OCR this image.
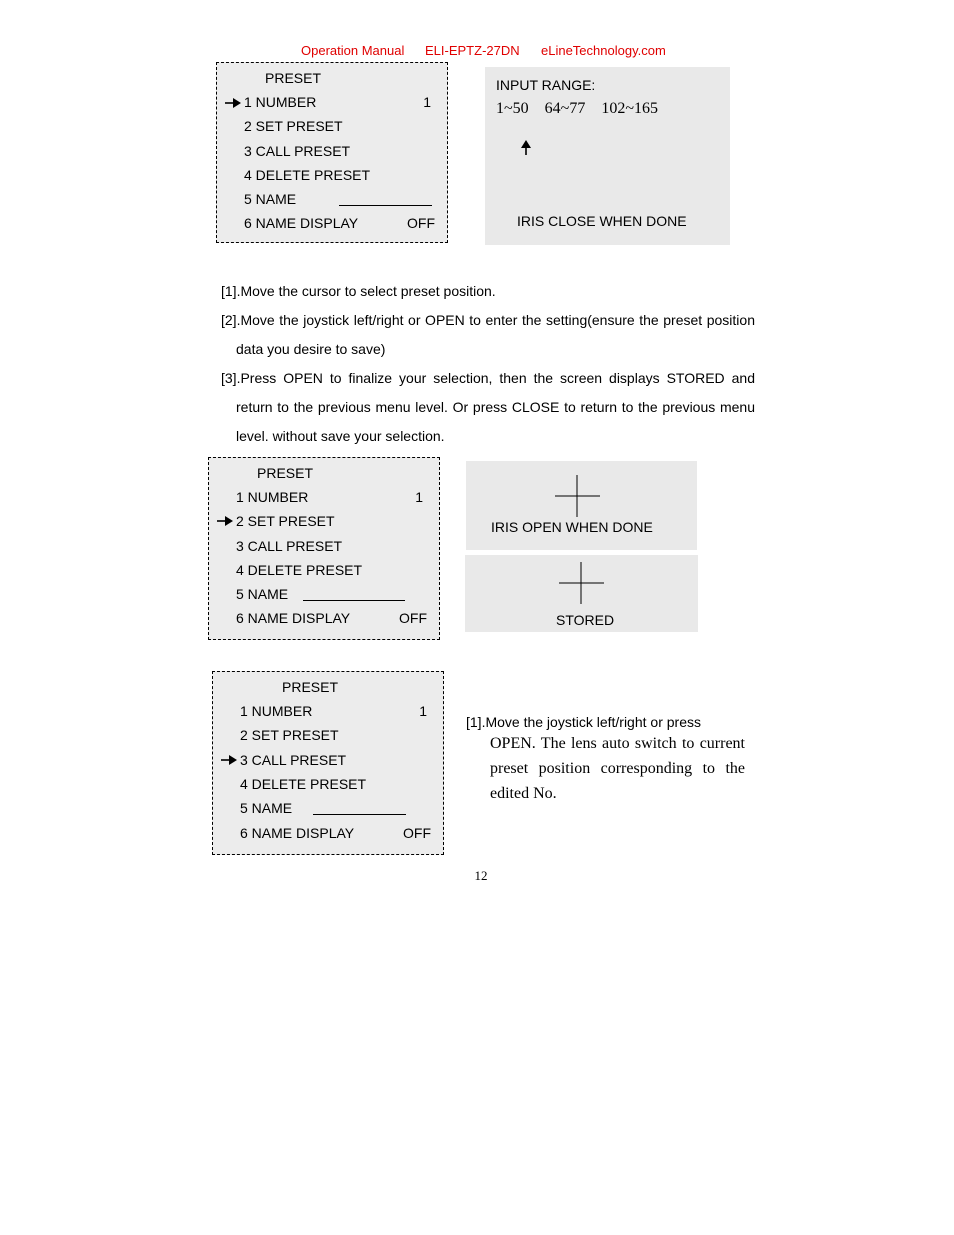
Operation Manual ELI-EPTZ-27DN eLineTechnology.com
PRESET
1 NUMBER	1
2 SET PRESET
3 CALL PRESET
4 DELETE PRESET
5 NAME
6 NAME DISPLAY	OFF
INPUT RANGE:
1~50    64~77    102~165
IRIS CLOSE WHEN DONE

[1].Move the cursor to select preset position.

[2].Move the joystick left/right or OPEN to enter the setting(ensure the preset position

data you desire to save)

[3].Press OPEN to finalize your selection, then the screen displays STORED and

return to the previous menu level. Or press CLOSE to return to the previous menu

level. without save your selection.

PRESET
1 NUMBER	1
2 SET PRESET
3 CALL PRESET
4 DELETE PRESET
5 NAME
6 NAME DISPLAY	OFF
IRIS OPEN WHEN DONE
STORED
PRESET
1 NUMBER	1
2 SET PRESET
3 CALL PRESET
4 DELETE PRESET
5 NAME
6 NAME DISPLAY	OFF
[1].Move the joystick left/right or press
OPEN. The lens auto switch to current
preset position corresponding to the
edited No.
12
